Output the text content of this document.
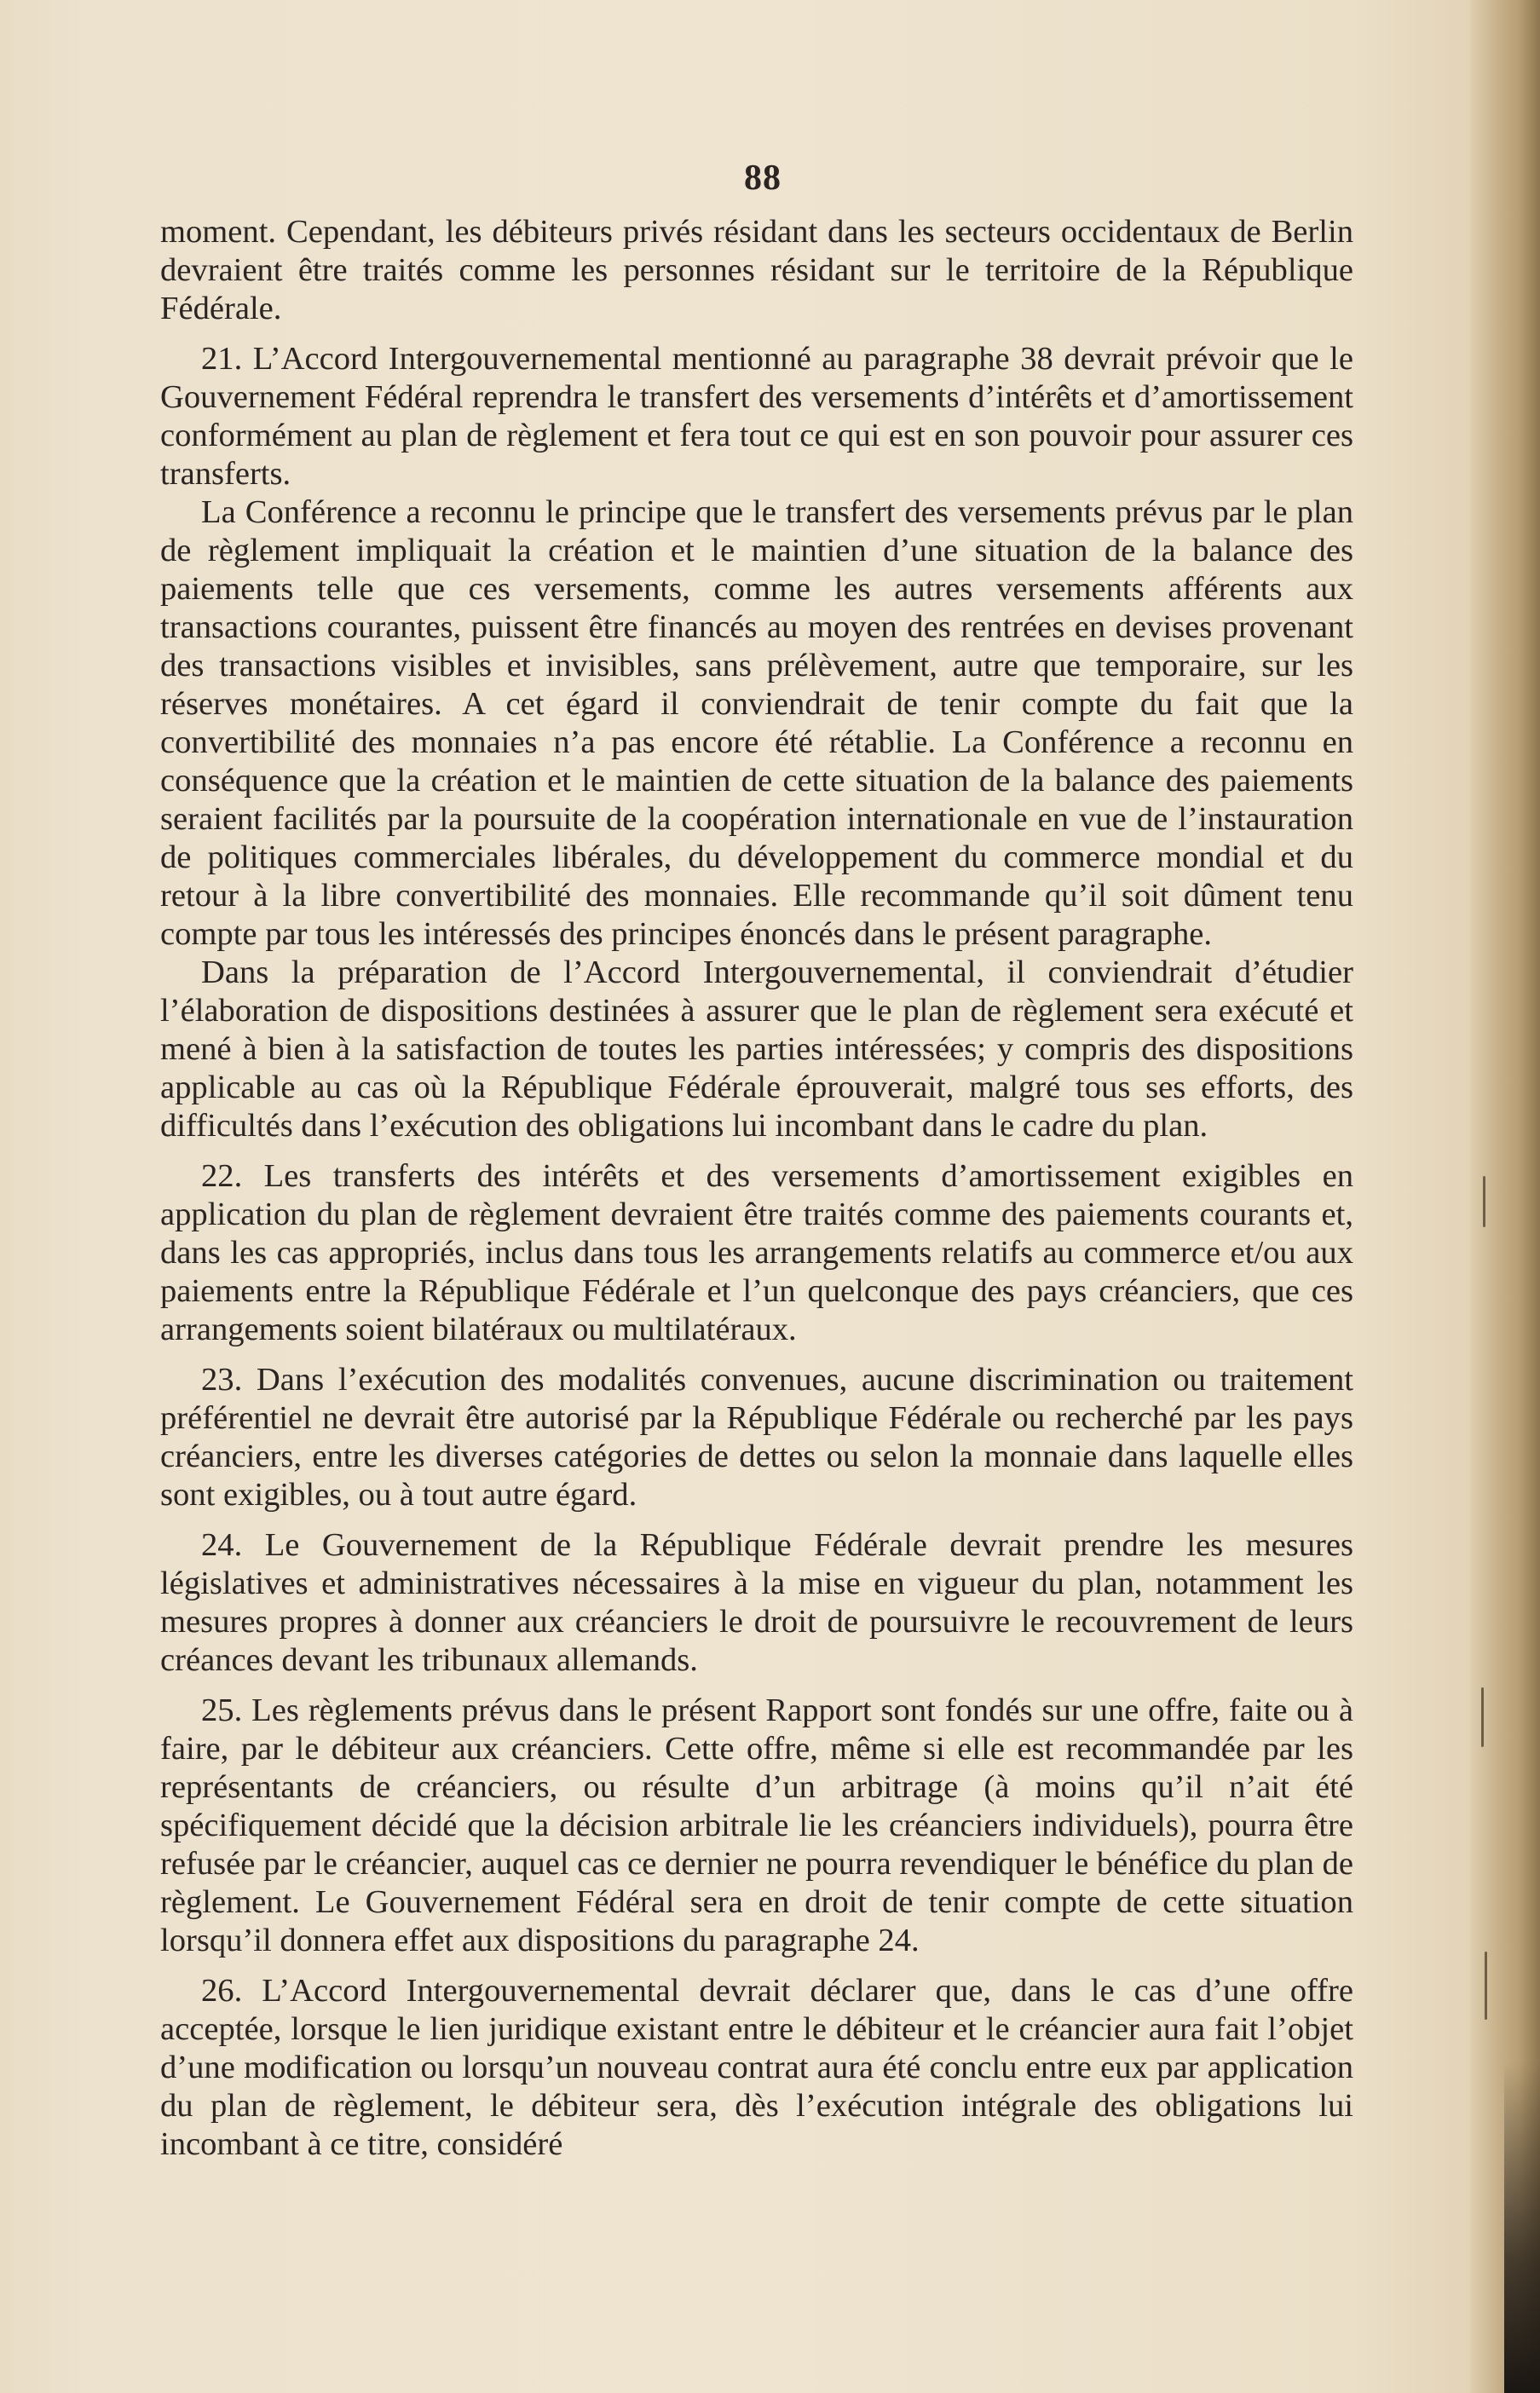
88

moment. Cependant, les débiteurs privés résidant dans les secteurs occidentaux de Berlin devraient être traités comme les personnes résidant sur le territoire de la République Fédérale.

21. L’Accord Intergouvernemental mentionné au paragraphe 38 devrait prévoir que le Gouvernement Fédéral reprendra le transfert des versements d’intérêts et d’amortissement conformément au plan de règlement et fera tout ce qui est en son pouvoir pour assurer ces transferts.

La Conférence a reconnu le principe que le transfert des versements prévus par le plan de règlement impliquait la création et le maintien d’une situation de la balance des paiements telle que ces versements, comme les autres versements afférents aux transactions courantes, puissent être financés au moyen des rentrées en devises provenant des transactions visibles et invisibles, sans prélèvement, autre que temporaire, sur les réserves monétaires. A cet égard il conviendrait de tenir compte du fait que la convertibilité des monnaies n’a pas encore été rétablie. La Conférence a reconnu en conséquence que la création et le maintien de cette situation de la balance des paiements seraient facilités par la poursuite de la coopération internationale en vue de l’instauration de politiques commerciales libérales, du développement du commerce mondial et du retour à la libre convertibilité des monnaies. Elle recommande qu’il soit dûment tenu compte par tous les intéressés des principes énoncés dans le présent paragraphe.

Dans la préparation de l’Accord Intergouvernemental, il conviendrait d’étudier l’élaboration de dispositions destinées à assurer que le plan de règlement sera exécuté et mené à bien à la satisfaction de toutes les parties intéressées; y compris des dispositions applicable au cas où la République Fédérale éprouverait, malgré tous ses efforts, des difficultés dans l’exécution des obligations lui incombant dans le cadre du plan.

22. Les transferts des intérêts et des versements d’amortissement exigibles en application du plan de règlement devraient être traités comme des paiements courants et, dans les cas appropriés, inclus dans tous les arrangements relatifs au commerce et/ou aux paiements entre la République Fédérale et l’un quelconque des pays créanciers, que ces arrangements soient bilatéraux ou multilatéraux.

23. Dans l’exécution des modalités convenues, aucune discrimination ou traitement préférentiel ne devrait être autorisé par la République Fédérale ou recherché par les pays créanciers, entre les diverses catégories de dettes ou selon la monnaie dans laquelle elles sont exigibles, ou à tout autre égard.

24. Le Gouvernement de la République Fédérale devrait prendre les mesures législatives et administratives nécessaires à la mise en vigueur du plan, notamment les mesures propres à donner aux créanciers le droit de poursuivre le recouvrement de leurs créances devant les tribunaux allemands.

25. Les règlements prévus dans le présent Rapport sont fondés sur une offre, faite ou à faire, par le débiteur aux créanciers. Cette offre, même si elle est recommandée par les représentants de créanciers, ou résulte d’un arbitrage (à moins qu’il n’ait été spécifiquement décidé que la décision arbitrale lie les créanciers individuels), pourra être refusée par le créancier, auquel cas ce dernier ne pourra revendiquer le bénéfice du plan de règlement. Le Gouvernement Fédéral sera en droit de tenir compte de cette situation lorsqu’il donnera effet aux dispositions du paragraphe 24.

26. L’Accord Intergouvernemental devrait déclarer que, dans le cas d’une offre acceptée, lorsque le lien juridique existant entre le débiteur et le créancier aura fait l’objet d’une modification ou lorsqu’un nouveau contrat aura été conclu entre eux par application du plan de règlement, le débiteur sera, dès l’exécution intégrale des obligations lui incombant à ce titre, considéré
